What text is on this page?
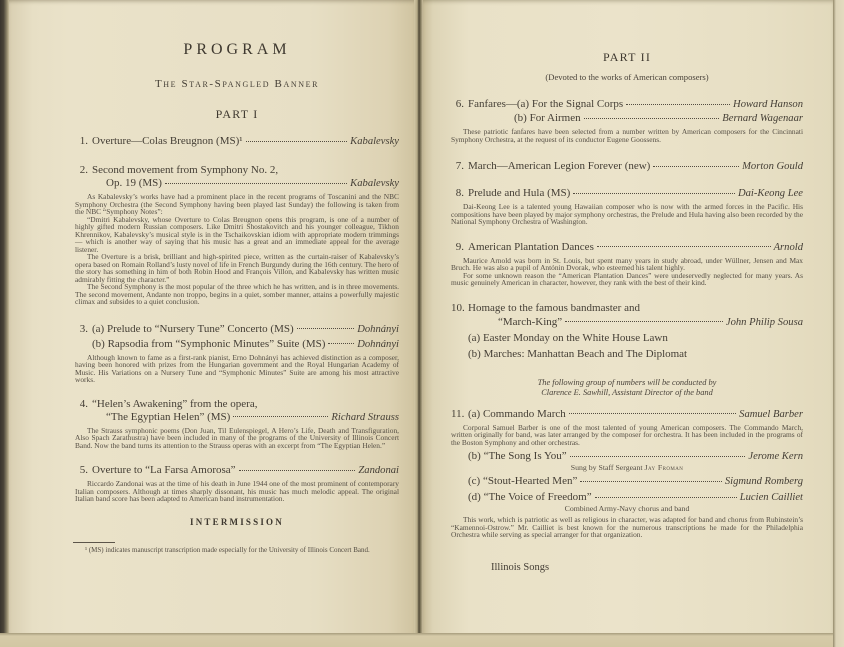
PROGRAM
The Star-Spangled Banner
PART I
1. Overture—Colas Breugnon (MS)¹	Kabalevsky
2. Second movement from Symphony No. 2,
Op. 19 (MS)	Kabalevsky

As Kabalevsky’s works have had a prominent place in the recent programs of Toscanini and the NBC Symphony Orchestra (the Second Symphony having been played last Sunday) the following is taken from the NBC “Symphony Notes”:

“Dmitri Kabalevsky, whose Overture to Colas Breugnon opens this program, is one of a number of highly gifted modern Russian composers. Like Dmitri Shostakovitch and his younger colleague, Tikhon Khrennikov, Kabalevsky’s musical style is in the Tschaikovskian idiom with appropriate modern trimmings — which is another way of saying that his music has a great and an immediate appeal for the average listener.

The Overture is a brisk, brilliant and high-spirited piece, written as the curtain-raiser of Kabalevsky’s opera based on Romain Rolland’s lusty novel of life in French Burgundy during the 16th century. The hero of the story has something in him of both Robin Hood and François Villon, and Kabalevsky has written music admirably fitting the character.”

The Second Symphony is the most popular of the three which he has written, and is in three movements. The second movement, Andante non troppo, begins in a quiet, somber manner, attains a powerfully majestic climax and subsides to a quiet conclusion.

3. (a) Prelude to “Nursery Tune” Concerto (MS)	Dohnányi
(b) Rapsodia from “Symphonic Minutes” Suite (MS)	Dohnányi

Although known to fame as a first-rank pianist, Erno Dohnányi has achieved distinction as a composer, having been honored with prizes from the Hungarian government and the Royal Hungarian Academy of Music. His Variations on a Nursery Tune and “Symphonic Minutes” Suite are among his most attractive works.

4. “Helen’s Awakening” from the opera,
“The Egyptian Helen” (MS)	Richard Strauss

The Strauss symphonic poems (Don Juan, Til Eulenspiegel, A Hero’s Life, Death and Transfiguration, Also Spach Zarathustra) have been included in many of the programs of the University of Illinois Concert Band. Now the band turns its attention to the Strauss operas with an excerpt from “The Egyptian Helen.”

5. Overture to “La Farsa Amorosa”	Zandonai

Riccardo Zandonai was at the time of his death in June 1944 one of the most prominent of contemporary Italian composers. Although at times sharply dissonant, his music has much melodic appeal. The original Italian band score has been adapted to American band instrumentation.

INTERMISSION
¹ (MS) indicates manuscript transcription made especially for the University of Illinois Concert Band.
PART II
(Devoted to the works of American composers)
6. Fanfares—(a) For the Signal Corps	Howard Hanson
(b) For Airmen	Bernard Wagenaar

These patriotic fanfares have been selected from a number written by American composers for the Cincinnati Symphony Orchestra, at the request of its conductor Eugene Goossens.

7. March—American Legion Forever (new)	Morton Gould
8. Prelude and Hula (MS)	Dai-Keong Lee

Dai-Keong Lee is a talented young Hawaiian composer who is now with the armed forces in the Pacific. His compositions have been played by major symphony orchestras, the Prelude and Hula having also been recorded by the National Symphony Orchestra of Washington.

9. American Plantation Dances	Arnold

Maurice Arnold was born in St. Louis, but spent many years in study abroad, under Wüllner, Jensen and Max Bruch. He was also a pupil of Antónin Dvorak, who esteemed his talent highly.

For some unknown reason the “American Plantation Dances” were undeservedly neglected for many years. As music genuinely American in character, however, they rank with the best of their kind.

10. Homage to the famous bandmaster and
“March-King”	John Philip Sousa
(a) Easter Monday on the White House Lawn
(b) Marches: Manhattan Beach and The Diplomat
The following group of numbers will be conducted by
Clarence E. Sawhill, Assistant Director of the band
11. (a) Commando March	Samuel Barber

Corporal Samuel Barber is one of the most talented of young American composers. The Commando March, written originally for band, was later arranged by the composer for orchestra. It has been included in the programs of the Boston Symphony and other orchestras.

(b) “The Song Is You”	Jerome Kern
Sung by Staff Sergeant Jay Froman
(c) “Stout-Hearted Men”	Sigmund Romberg
(d) “The Voice of Freedom”	Lucien Cailliet
Combined Army-Navy chorus and band

This work, which is patriotic as well as religious in character, was adapted for band and chorus from Rubinstein’s “Kamennoi-Ostrow.” Mr. Cailliet is best known for the numerous transcriptions he made for the Philadelphia Orchestra while serving as special arranger for that organization.

Illinois Songs
